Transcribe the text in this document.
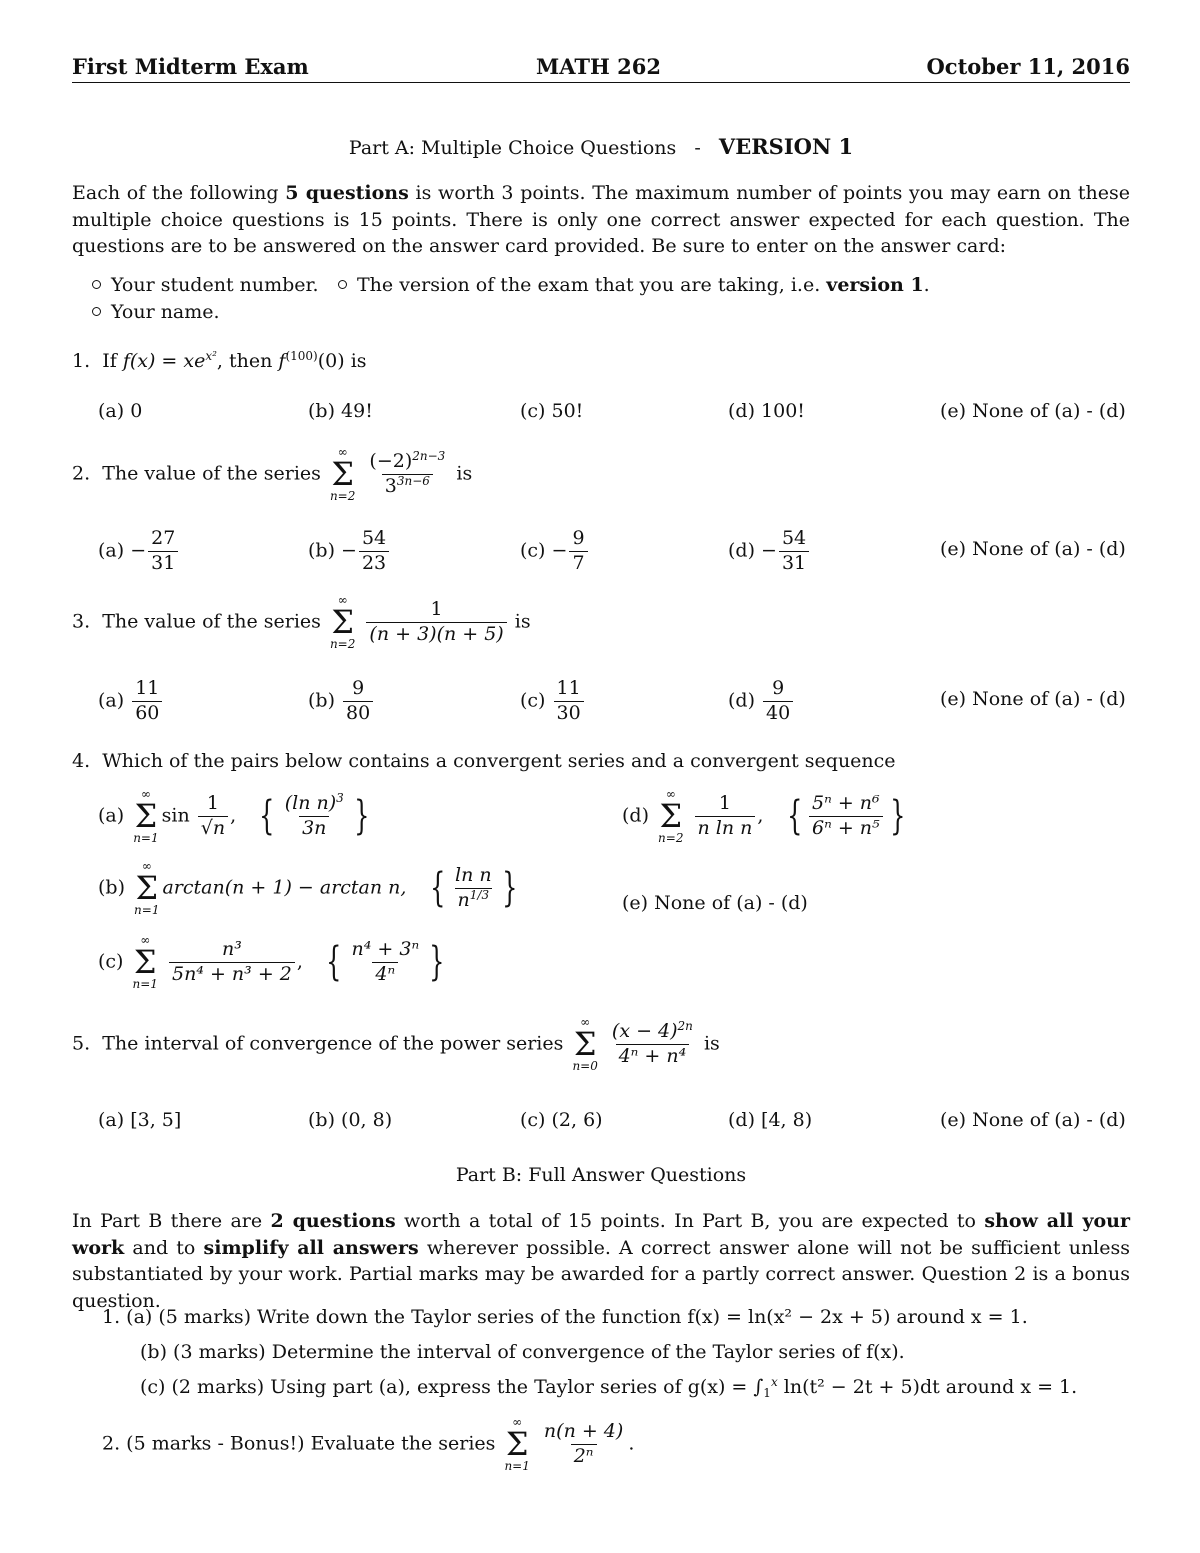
First Midterm Exam	MATH 262	October 11, 2016
Part A: Multiple Choice Questions - VERSION 1
Each of the following 5 questions is worth 3 points. The maximum number of points you may earn on these multiple choice questions is 15 points. There is only one correct answer expected for each question. The questions are to be answered on the answer card provided. Be sure to enter on the answer card:
Your student number.	The version of the exam that you are taking, i.e. version 1.
Your name.
1. If $f(x) = xe^{x^2}$, then $f^{(100)}(0)$ is
(a) 0	(b) 49!	(c) 50!	(d) 100!	(e) None of (a) - (d)
2. The value of the series
∞
Σ
n=2
$\frac{(-2)^{2n-3}}{3^{3n-6}}$ is
$(a) - \frac{27}{31}$	$(b) - \frac{54}{23}$	$(c) - \frac{9}{7}$	$(d) - \frac{54}{31}$	(e) None of (a) - (d)
3. The value of the series
∞
Σ
n=2
$\frac{1}{(n + 3)(n + 5)}$ is
$(a) \frac{11}{60}$	$(b) \frac{9}{80}$	$(c) \frac{11}{30}$	$(d) \frac{9}{40}$	(e) None of (a) - (d)
4. Which of the pairs below contains a convergent series and a convergent sequence
(a)
∞
Σ
n=1
$\sin \frac{1}{√n}$ , { $\frac{(\ln n)^3}{3n}$ }	(d)
∞
Σ
n=2
$\frac{1}{\text{n ln n}}$ , { $\frac{\text{5ⁿ + n⁶}}{\text{6ⁿ + n⁵}}$ }
(b)
∞
Σ
n=1
arctan(n + 1) − arctan n, { $\frac{\text{ln n}}{n^{1/3}}$ }	(e) None of (a) - (d)
(c)
∞
Σ
n=1
$\frac{\text{n³}}{\text{5n⁴ + n³ + 2}}$ , { $\frac{\text{n⁴ + 3ⁿ}}{\text{4ⁿ}}$ }
5. The interval of convergence of the power series
∞
Σ
n=0
$\frac{(x - 4)^{2n}}{\text{4ⁿ + n⁴}}$ is
(a) [3, 5]	(b) (0, 8)	(c) (2, 6)	(d) [4, 8)	(e) None of (a) - (d)
Part B: Full Answer Questions
In Part B there are 2 questions worth a total of 15 points. In Part B, you are expected to show all your work and to simplify all answers wherever possible. A correct answer alone will not be sufficient unless substantiated by your work. Partial marks may be awarded for a partly correct answer. Question 2 is a bonus question.
1. (a) (5 marks) Write down the Taylor series of the function f(x) = ln(x² − 2x + 5) around x = 1.
(b) (3 marks) Determine the interval of convergence of the Taylor series of f(x).
(c) (2 marks) Using part (a), express the Taylor series of $g(x) = \int_1^x$ ln(t² − 2t + 5)dt around x = 1.
2. (5 marks - Bonus!) Evaluate the series
∞
Σ
n=1
$\frac{n(n + 4)}{\text{2ⁿ}}$ .
